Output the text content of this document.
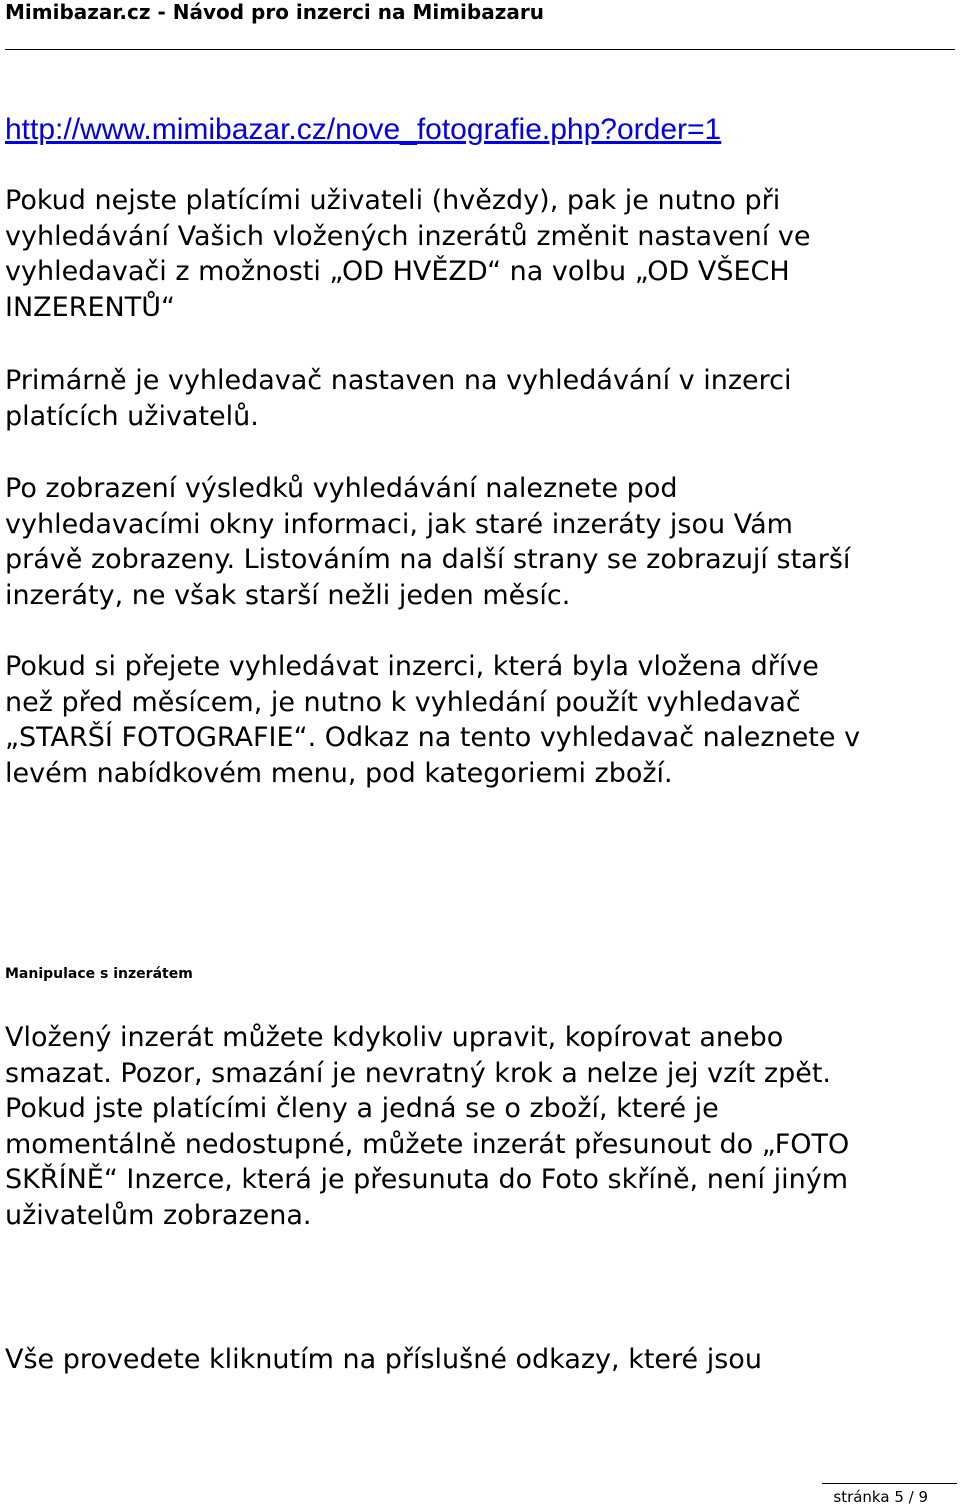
Mimibazar.cz - Návod pro inzerci na Mimibazaru
http://www.mimibazar.cz/nove_fotografie.php?order=1

Pokud nejste platícími uživateli (hvězdy), pak je nutno při
vyhledávání Vašich vložených inzerátů změnit nastavení ve
vyhledavači z možnosti „OD HVĚZD“ na volbu „OD VŠECH
INZERENTŮ“

Primárně je vyhledavač nastaven na vyhledávání v inzerci
platících uživatelů.

Po zobrazení výsledků vyhledávání naleznete pod
vyhledavacími okny informaci, jak staré inzeráty jsou Vám
právě zobrazeny. Listováním na další strany se zobrazují starší
inzeráty, ne však starší nežli jeden měsíc.

Pokud si přejete vyhledávat inzerci, která byla vložena dříve
než před měsícem, je nutno k vyhledání použít vyhledavač
„STARŠÍ FOTOGRAFIE“. Odkaz na tento vyhledavač naleznete v
levém nabídkovém menu, pod kategoriemi zboží.

Manipulace s inzerátem

Vložený inzerát můžete kdykoliv upravit, kopírovat anebo
smazat. Pozor, smazání je nevratný krok a nelze jej vzít zpět.
Pokud jste platícími členy a jedná se o zboží, které je
momentálně nedostupné, můžete inzerát přesunout do „FOTO
SKŘÍNĚ“ Inzerce, která je přesunuta do Foto skříně, není jiným
uživatelům zobrazena.

Vše provedete kliknutím na příslušné odkazy, které jsou

stránka 5 / 9
